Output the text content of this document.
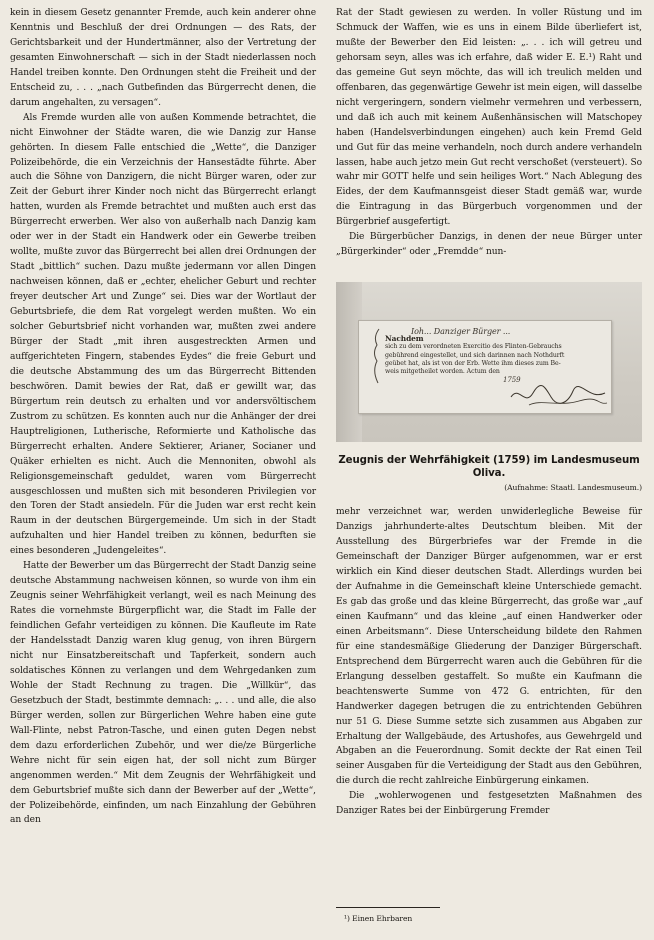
kein in diesem Gesetz genannter Fremde, auch kein anderer ohne Kenntnis und Beschluß der drei Ordnungen — des Rats, der Gerichtsbarkeit und der Hundertmänner, also der Vertretung der gesamten Einwohnerschaft — sich in der Stadt niederlassen noch Handel treiben konnte. Den Ordnungen steht die Freiheit und der Entscheid zu, . . . „nach Gutbefinden das Bürgerrecht denen, die darum angehalten, zu versagen“.

Als Fremde wurden alle von außen Kommende betrachtet, die nicht Einwohner der Städte waren, die wie Danzig zur Hanse gehörten. In diesem Falle entschied die „Wette“, die Danziger Polizeibehörde, die ein Verzeichnis der Hansestädte führte. Aber auch die Söhne von Danzigern, die nicht Bürger waren, oder zur Zeit der Geburt ihrer Kinder noch nicht das Bürgerrecht erlangt hatten, wurden als Fremde betrachtet und mußten auch erst das Bürgerrecht erwerben. Wer also von außerhalb nach Danzig kam oder wer in der Stadt ein Handwerk oder ein Gewerbe treiben wollte, mußte zuvor das Bürgerrecht bei allen drei Ordnungen der Stadt „bittlich“ suchen. Dazu mußte jedermann vor allen Dingen nachweisen können, daß er „echter, ehelicher Geburt und rechter freyer deutscher Art und Zunge“ sei. Dies war der Wortlaut der Geburtsbriefe, die dem Rat vorgelegt werden mußten. Wo ein solcher Geburtsbrief nicht vorhanden war, mußten zwei andere Bürger der Stadt „mit ihren ausgestreckten Armen und auffgerichteten Fingern, stabendes Eydes“ die freie Geburt und die deutsche Abstammung des um das Bürgerrecht Bittenden beschwören. Damit bewies der Rat, daß er gewillt war, das Bürgertum rein deutsch zu erhalten und vor andersvöltischem Zustrom zu schützen. Es konnten auch nur die Anhänger der drei Hauptreligionen, Lutherische, Reformierte und Katholische das Bürgerrecht erhalten. Andere Sektierer, Arianer, Socianer und Quäker erhielten es nicht. Auch die Mennoniten, obwohl als Religionsgemeinschaft geduldet, waren vom Bürgerrecht ausgeschlossen und mußten sich mit besonderen Privilegien vor den Toren der Stadt ansiedeln. Für die Juden war erst recht kein Raum in der deutschen Bürgergemeinde. Um sich in der Stadt aufzuhalten und hier Handel treiben zu können, bedurften sie eines besonderen „Judengeleites“.

Hatte der Bewerber um das Bürgerrecht der Stadt Danzig seine deutsche Abstammung nachweisen können, so wurde von ihm ein Zeugnis seiner Wehrfähigkeit verlangt, weil es nach Meinung des Rates die vornehmste Bürgerpflicht war, die Stadt im Falle der feindlichen Gefahr verteidigen zu können. Die Kaufleute im Rate der Handelsstadt Danzig waren klug genug, von ihren Bürgern nicht nur Einsatzbereitschaft und Tapferkeit, sondern auch soldatisches Können zu verlangen und dem Wehrgedanken zum Wohle der Stadt Rechnung zu tragen. Die „Willkür“, das Gesetzbuch der Stadt, bestimmte demnach: „. . . und alle, die also Bürger werden, sollen zur Bürgerlichen Wehre haben eine gute Wall-Flinte, nebst Patron-Tasche, und einen guten Degen nebst dem dazu erforderlichen Zubehör, und wer die/ze Bürgerliche Wehre nicht für sein eigen hat, der soll nicht zum Bürger angenommen werden.“ Mit dem Zeugnis der Wehrfähigkeit und dem Geburtsbrief mußte sich dann der Bewerber auf der „Wette“, der Polizeibehörde, einfinden, um nach Einzahlung der Gebühren an den

Rat der Stadt gewiesen zu werden. In voller Rüstung und im Schmuck der Waffen, wie es uns in einem Bilde überliefert ist, mußte der Bewerber den Eid leisten: „. . . ich will getreu und gehorsam seyn, alles was ich erfahre, daß wider E. E.¹) Raht und das gemeine Gut seyn möchte, das will ich treulich melden und offenbaren, das gegenwärtige Gewehr ist mein eigen, will dasselbe nicht vergeringern, sondern vielmehr vermehren und verbessern, und daß ich auch mit keinem Außenhänsischen will Matschopey haben (Handelsverbindungen eingehen) auch kein Fremd Geld und Gut für das meine verhandeln, noch durch andere verhandeln lassen, habe auch jetzo mein Gut recht verschoßet (versteuert). So wahr mir GOTT helfe und sein heiliges Wort.“ Nach Ablegung des Eides, der dem Kaufmannsgeist dieser Stadt gemäß war, wurde die Eintragung in das Bürgerbuch vorgenommen und der Bürgerbrief ausgefertigt.

Die Bürgerbücher Danzigs, in denen der neue Bürger unter „Bürgerkinder“ oder „Fremdde“ nun-

Ioh... Danziger Bürger ...
Nachdem
sich zu dem verordneten Exercitio des Flinten-Gebrauchs
gebührend eingestellet, und sich darinnen nach Nothdurft
geübet hat, als ist von der Erb. Wette ihm dieses zum Be-
weis mitgetheilet worden. Actum den
1759
Zeugnis der Wehrfähigkeit (1759) im Landesmuseum Oliva.
(Aufnahme: Staatl. Landesmuseum.)

mehr verzeichnet war, werden unwiderlegliche Beweise für Danzigs jahrhunderte-altes Deutschtum bleiben. Mit der Ausstellung des Bürgerbriefes war der Fremde in die Gemeinschaft der Danziger Bürger aufgenommen, war er erst wirklich ein Kind dieser deutschen Stadt. Allerdings wurden bei der Aufnahme in die Gemeinschaft kleine Unterschiede gemacht. Es gab das große und das kleine Bürgerrecht, das große war „auf einen Kaufmann“ und das kleine „auf einen Handwerker oder einen Arbeitsmann“. Diese Unterscheidung bildete den Rahmen für eine standesmäßige Gliederung der Danziger Bürgerschaft. Entsprechend dem Bürgerrecht waren auch die Gebühren für die Erlangung desselben gestaffelt. So mußte ein Kaufmann die beachtenswerte Summe von 472 G. entrichten, für den Handwerker dagegen betrugen die zu entrichtenden Gebühren nur 51 G. Diese Summe setzte sich zusammen aus Abgaben zur Erhaltung der Wallgebäude, des Artushofes, aus Gewehrgeld und Abgaben an die Feuerordnung. Somit deckte der Rat einen Teil seiner Ausgaben für die Verteidigung der Stadt aus den Gebühren, die durch die recht zahlreiche Einbürgerung einkamen.

Die „wohlerwogenen und festgesetzten Maßnahmen des Danziger Rates bei der Einbürgerung Fremder

¹) Einen Ehrbaren
